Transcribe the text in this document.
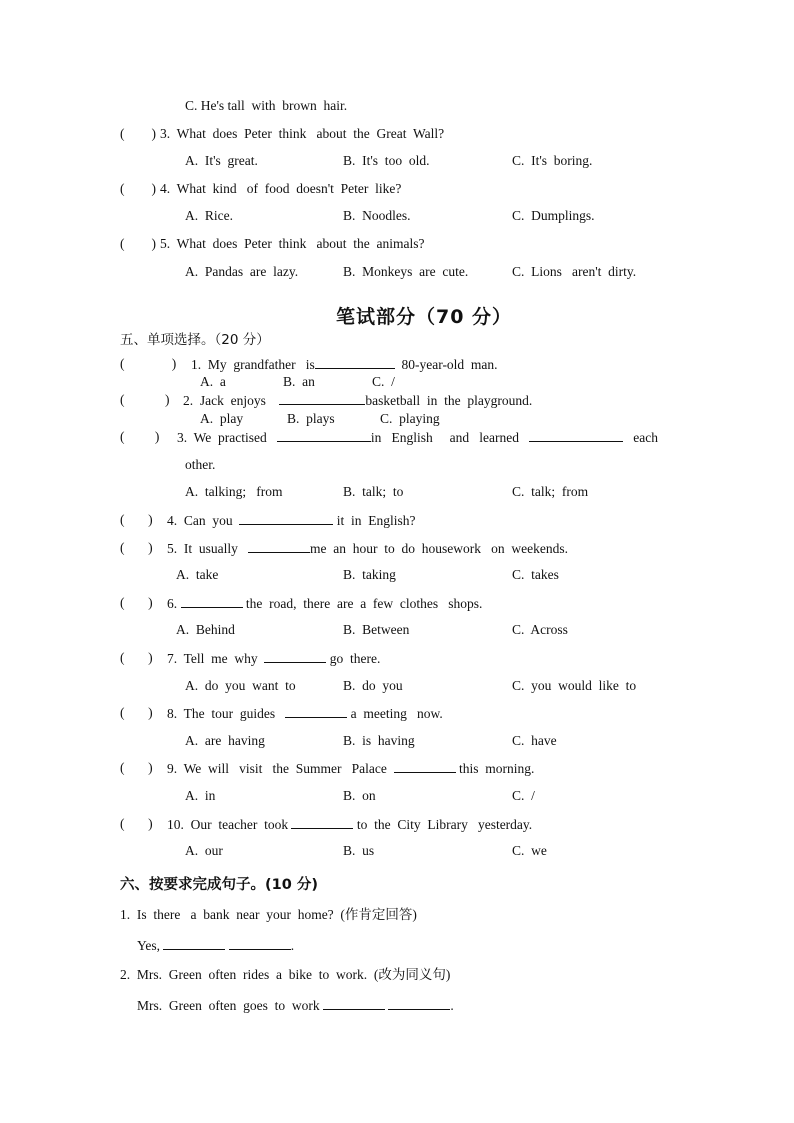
C. He's tall  with  brown  hair.
(        ) 3.  What  does  Peter  think   about  the  Great  Wall?
A.  It's  great.	B.  It's  too  old.	C.  It's  boring.
(        ) 4.  What  kind   of  food  doesn't  Peter  like?
A.  Rice.	B.  Noodles.	C.  Dumplings.
(        ) 5.  What  does  Peter  think   about  the  animals?
A.  Pandas  are  lazy.	B.  Monkeys  are  cute.	C.  Lions   aren't  dirty.
笔试部分（70 分）
五、单项选择。（20 分）
(              ) 1.  My  grandfather   is	80-year-old  man.
A.  a	B.  an	C.  /
(            ) 2.  Jack  enjoys	basketball  in  the  playground.
A.  play	B.  plays	C.  playing
(         ) 3.  We  practised	in   English     and   learned	each
other.
A.  talking;   from	B.  talk;  to	C.  talk;  from
(       ) 4.  Can  you	it  in  English?
(       ) 5.  It  usually	me  an  hour  to  do  housework   on  weekends.
A.  take	B.  taking	C.  takes
(       ) 6.	the  road,  there  are  a  few  clothes   shops.
A.  Behind	B.  Between	C.  Across
(       ) 7.  Tell  me  why	go  there.
A.  do  you  want  to	B.  do  you	C.  you  would  like  to
(       ) 8.  The  tour  guides	a  meeting   now.
A.  are  having	B.  is  having	C.  have
(       ) 9.  We  will   visit   the  Summer   Palace	this  morning.
A.  in	B.  on	C.  /
(       ) 10.  Our  teacher  took	to  the  City  Library   yesterday.
A.  our	B.  us	C.  we
六、按要求完成句子。(10 分)
1.  Is  there   a  bank  near  your  home?  (作肯定回答)
Yes,	.
2.  Mrs.  Green  often  rides  a  bike  to  work.  (改为同义句)
Mrs.  Green  often  goes  to  work	.
